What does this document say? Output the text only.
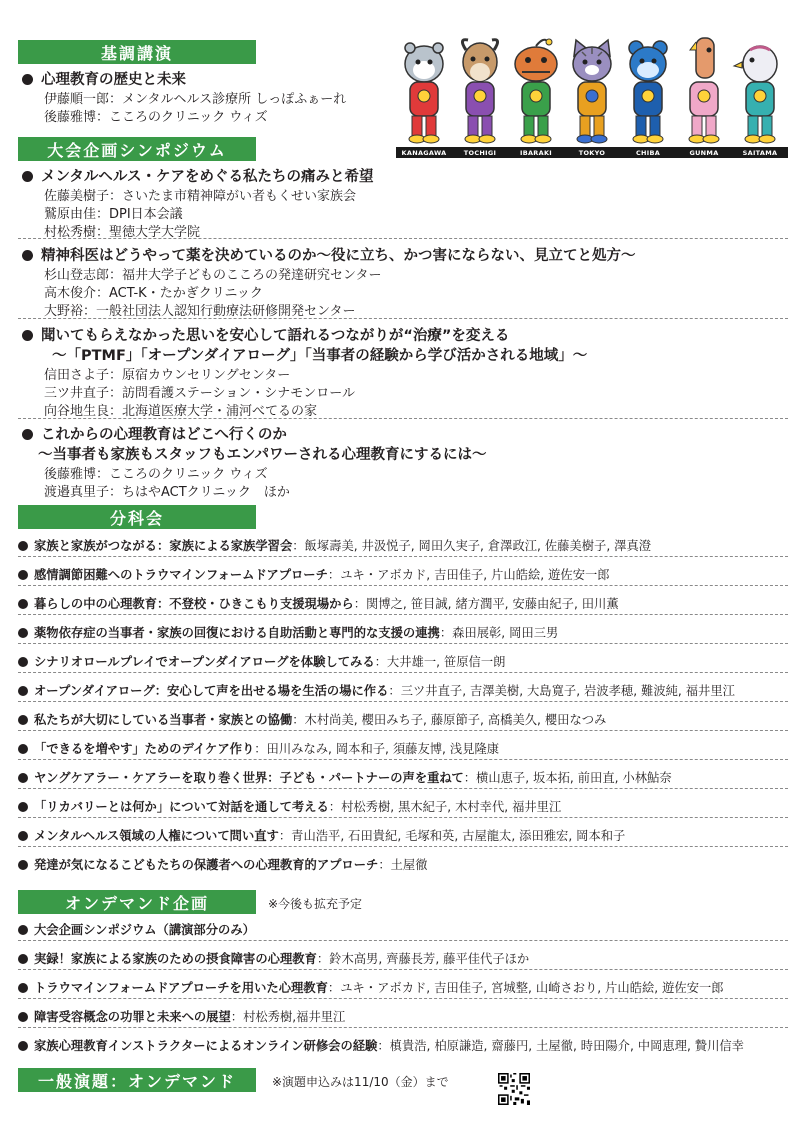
基調講演
心理教育の歴史と未来
伊藤順一郎：メンタルヘルス診療所 しっぽふぁーれ
後藤雅博：こころのクリニック ウィズ
KANAGAWA	TOCHIGI	IBARAKI	TOKYO	CHIBA	GUNMA	SAITAMA
大会企画シンポジウム
メンタルヘルス・ケアをめぐる私たちの痛みと希望
佐藤美樹子：さいたま市精神障がい者もくせい家族会
鷲原由佳：DPI日本会議
村松秀樹：聖徳大学大学院
精神科医はどうやって薬を決めているのか～役に立ち、かつ害にならない、見立てと処方～
杉山登志郎：福井大学子どものこころの発達研究センター
高木俊介：ACT-K・たかぎクリニック
大野裕：一般社団法人認知行動療法研修開発センター
聞いてもらえなかった思いを安心して語れるつながりが“治療”を変える
～「PTMF」「オープンダイアローグ」「当事者の経験から学び活かされる地域」～
信田さよ子：原宿カウンセリングセンター
三ツ井直子：訪問看護ステーション・シナモンロール
向谷地生良：北海道医療大学・浦河べてるの家
これからの心理教育はどこへ行くのか
～当事者も家族もスタッフもエンパワーされる心理教育にするには～
後藤雅博：こころのクリニック ウィズ
渡邉真里子：ちはやACTクリニック　ほか
分科会
家族と家族がつながる：家族による家族学習会：飯塚壽美, 井汲悦子, 岡田久実子, 倉澤政江, 佐藤美樹子, 澤真澄
感情調節困難へのトラウマインフォームドアプローチ：ユキ・アボカド, 吉田佳子, 片山皓絵, 遊佐安一郎
暮らしの中の心理教育：不登校・ひきこもり支援現場から：関博之, 笹目誠, 緒方潤平, 安藤由紀子, 田川薫
薬物依存症の当事者・家族の回復における自助活動と専門的な支援の連携：森田展彰, 岡田三男
シナリオロールプレイでオープンダイアローグを体験してみる：大井雄一, 笹原信一朗
オープンダイアローグ：安心して声を出せる場を生活の場に作る：三ツ井直子, 吉澤美樹, 大島寛子, 岩波孝穂, 難波純, 福井里江
私たちが大切にしている当事者・家族との協働：木村尚美, 櫻田みち子, 藤原節子, 高橋美久, 櫻田なつみ
「できるを増やす」ためのデイケア作り：田川みなみ, 岡本和子, 須藤友博, 浅見隆康
ヤングケアラー・ケアラーを取り巻く世界：子ども・パートナーの声を重ねて：横山恵子, 坂本拓, 前田直, 小林鮎奈
「リカバリーとは何か」について対話を通して考える：村松秀樹, 黒木紀子, 木村幸代, 福井里江
メンタルヘルス領域の人権について問い直す：青山浩平, 石田貴紀, 毛塚和英, 古屋龍太, 添田雅宏, 岡本和子
発達が気になるこどもたちの保護者への心理教育的アプローチ：土屋徹
オンデマンド企画	※今後も拡充予定
大会企画シンポジウム（講演部分のみ）
実録！家族による家族のための摂食障害の心理教育：鈴木高男, 齊藤長芳, 藤平佳代子ほか
トラウマインフォームドアプローチを用いた心理教育：ユキ・アボカド, 吉田佳子, 宮城整, 山崎さおり, 片山皓絵, 遊佐安一郎
障害受容概念の功罪と未来への展望：村松秀樹,福井里江
家族心理教育インストラクターによるオンライン研修会の経験：槙貴浩, 柏原謙造, 齋藤円, 土屋徹, 時田陽介, 中岡恵理, 贄川信幸
一般演題：オンデマンド	※演題申込みは11/10（金）まで
